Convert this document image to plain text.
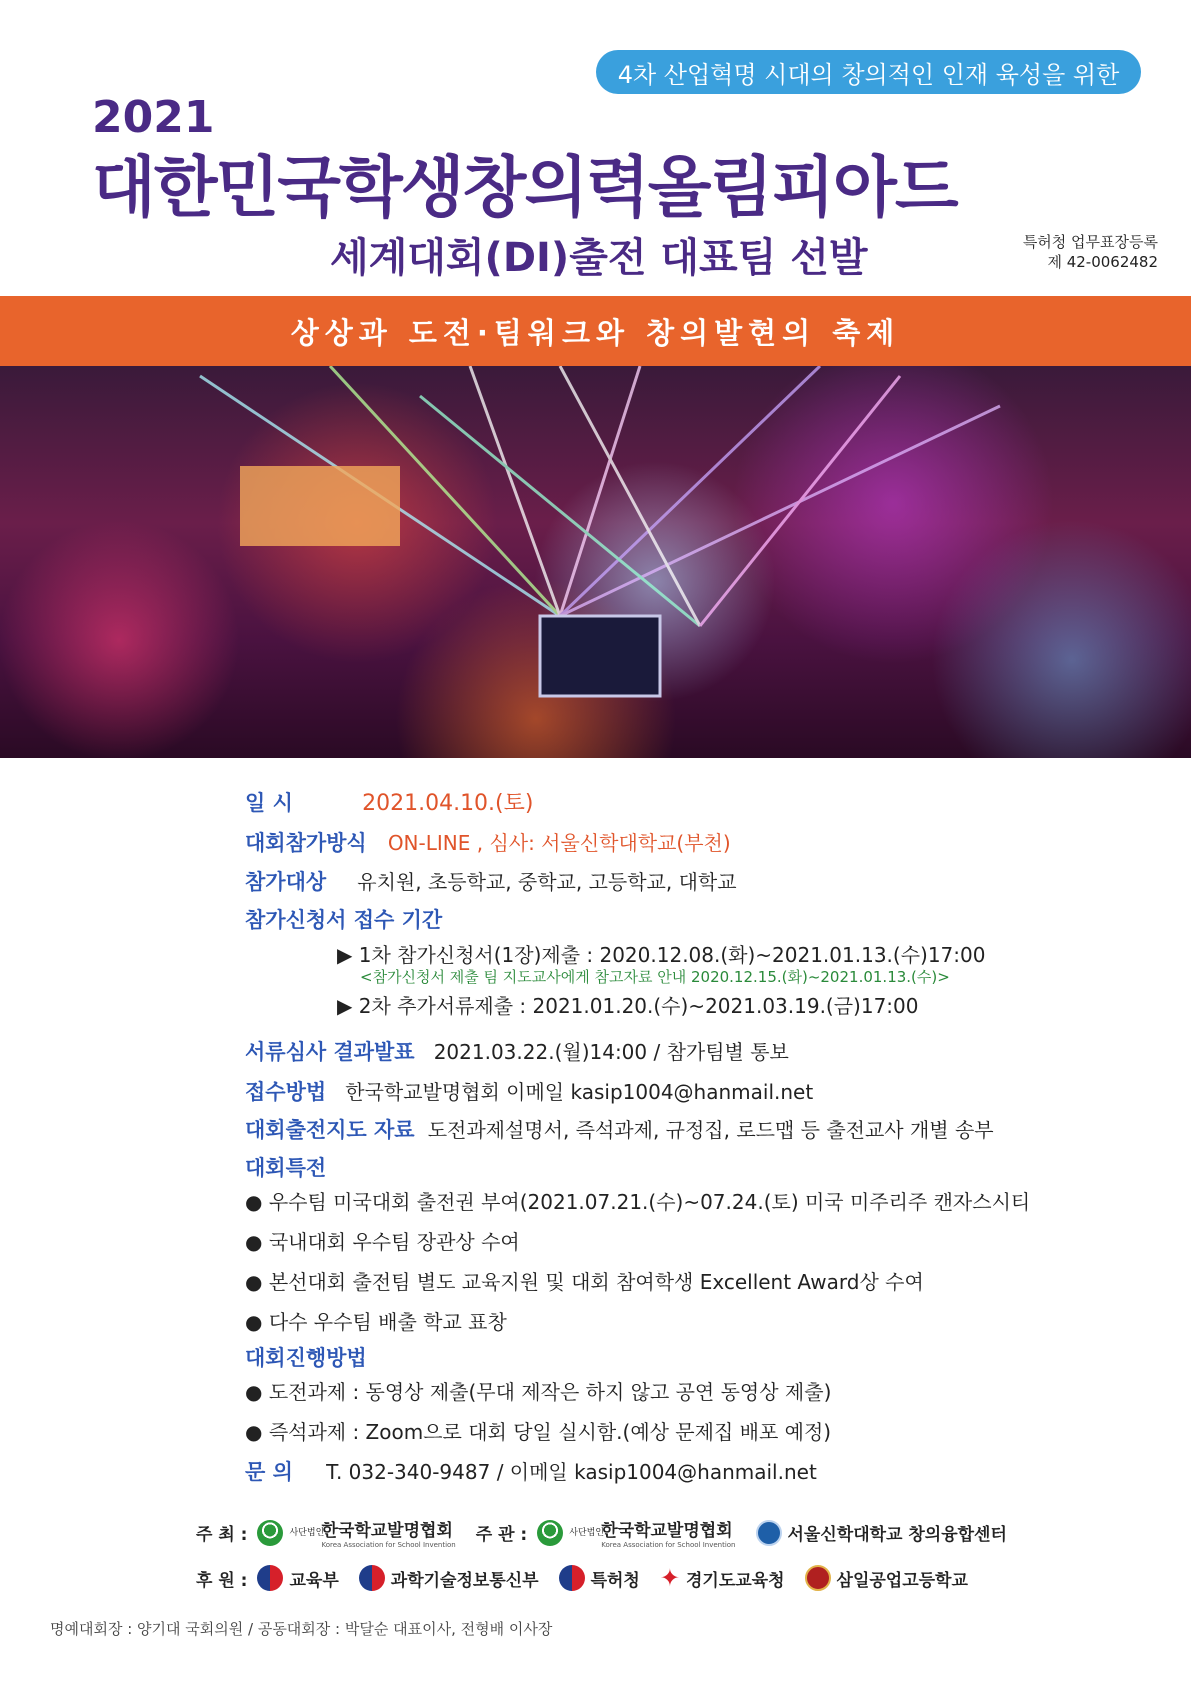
4차 산업혁명 시대의 창의적인 인재 육성을 위한
2021
대한민국학생창의력올림피아드
세계대회(DI)출전 대표팀 선발	특허청 업무표장등록
제 42-0062482
상상과 도전·팀워크와 창의발현의 축제
일 시	2021.04.10.(토)
대회참가방식 ON-LINE , 심사: 서울신학대학교(부천)
참가대상 유치원, 초등학교, 중학교, 고등학교, 대학교
참가신청서 접수 기간
▶ 1차 참가신청서(1장)제출 : 2020.12.08.(화)~2021.01.13.(수)17:00
<참가신청서 제출 팀 지도교사에게 참고자료 안내 2020.12.15.(화)~2021.01.13.(수)>
▶ 2차 추가서류제출 : 2021.01.20.(수)~2021.03.19.(금)17:00
서류심사 결과발표 2021.03.22.(월)14:00 / 참가팀별 통보
접수방법 한국학교발명협회 이메일 kasip1004@hanmail.net
대회출전지도 자료 도전과제설명서, 즉석과제, 규정집, 로드맵 등 출전교사 개별 송부
대회특전
● 우수팀 미국대회 출전권 부여(2021.07.21.(수)~07.24.(토) 미국 미주리주 캔자스시티
● 국내대회 우수팀 장관상 수여
● 본선대회 출전팀 별도 교육지원 및 대회 참여학생 Excellent Award상 수여
● 다수 우수팀 배출 학교 표창
대회진행방법
● 도전과제 : 동영상 제출(무대 제작은 하지 않고 공연 동영상 제출)
● 즉석과제 : Zoom으로 대회 당일 실시함.(예상 문제집 배포 예정)
문 의 T. 032-340-9487 / 이메일 kasip1004@hanmail.net
주 최 :	사단법인
한국학교발명협회
Korea Association for School Invention 주 관 :	사단법인
한국학교발명협회
Korea Association for School Invention	서울신학대학교 창의융합센터
후 원 : 교육부	과학기술정보통신부	특허청 ✦ 경기도교육청	삼일공업고등학교
명예대회장 : 양기대 국회의원 / 공동대회장 : 박달순 대표이사, 전형배 이사장
